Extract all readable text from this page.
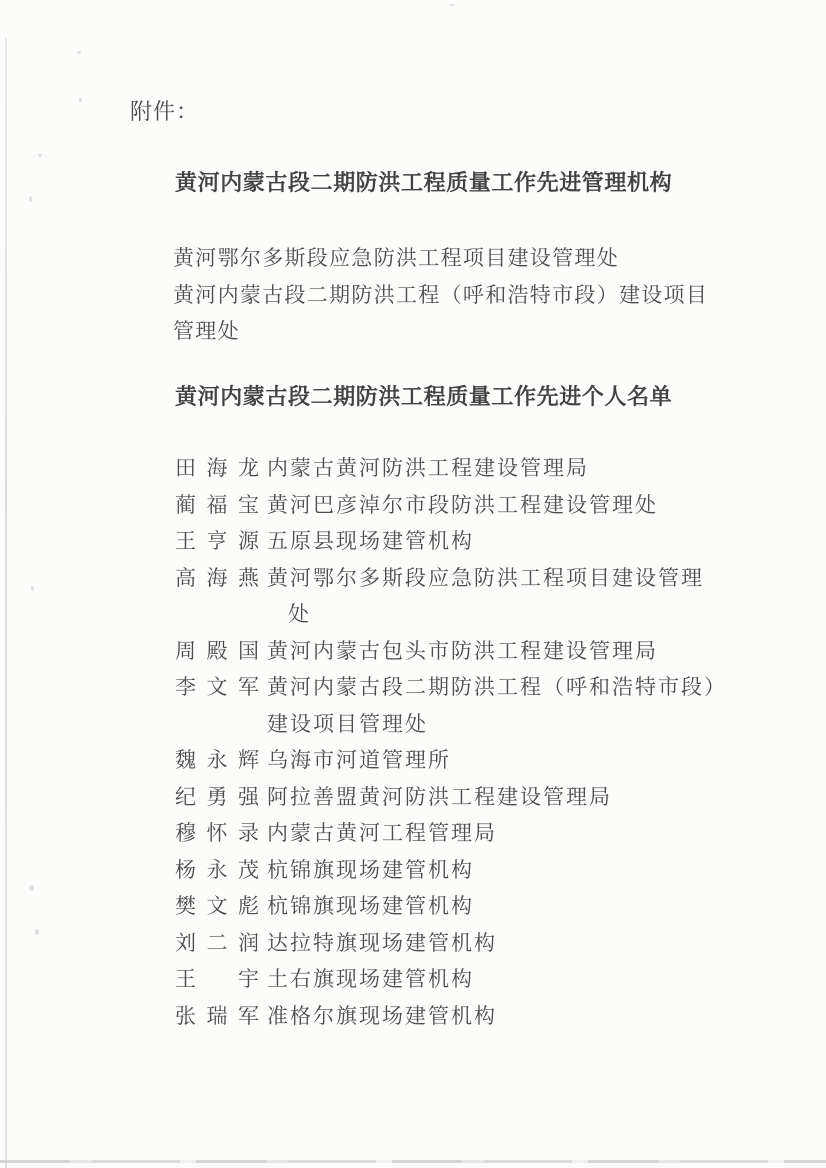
附件：
黄河内蒙古段二期防洪工程质量工作先进管理机构
黄河鄂尔多斯段应急防洪工程项目建设管理处
黄河内蒙古段二期防洪工程（呼和浩特市段）建设项目
管理处
黄河内蒙古段二期防洪工程质量工作先进个人名单
田海龙
内蒙古黄河防洪工程建设管理局
蔺福宝
黄河巴彦淖尔市段防洪工程建设管理处
王亨源
五原县现场建管机构
高海燕
黄河鄂尔多斯段应急防洪工程项目建设管理
处
周殿国
黄河内蒙古包头市防洪工程建设管理局
李文军
黄河内蒙古段二期防洪工程（呼和浩特市段）
建设项目管理处
魏永辉
乌海市河道管理所
纪勇强
阿拉善盟黄河防洪工程建设管理局
穆怀录
内蒙古黄河工程管理局
杨永茂
杭锦旗现场建管机构
樊文彪
杭锦旗现场建管机构
刘二润
达拉特旗现场建管机构
王　宇
土右旗现场建管机构
张瑞军
准格尔旗现场建管机构
